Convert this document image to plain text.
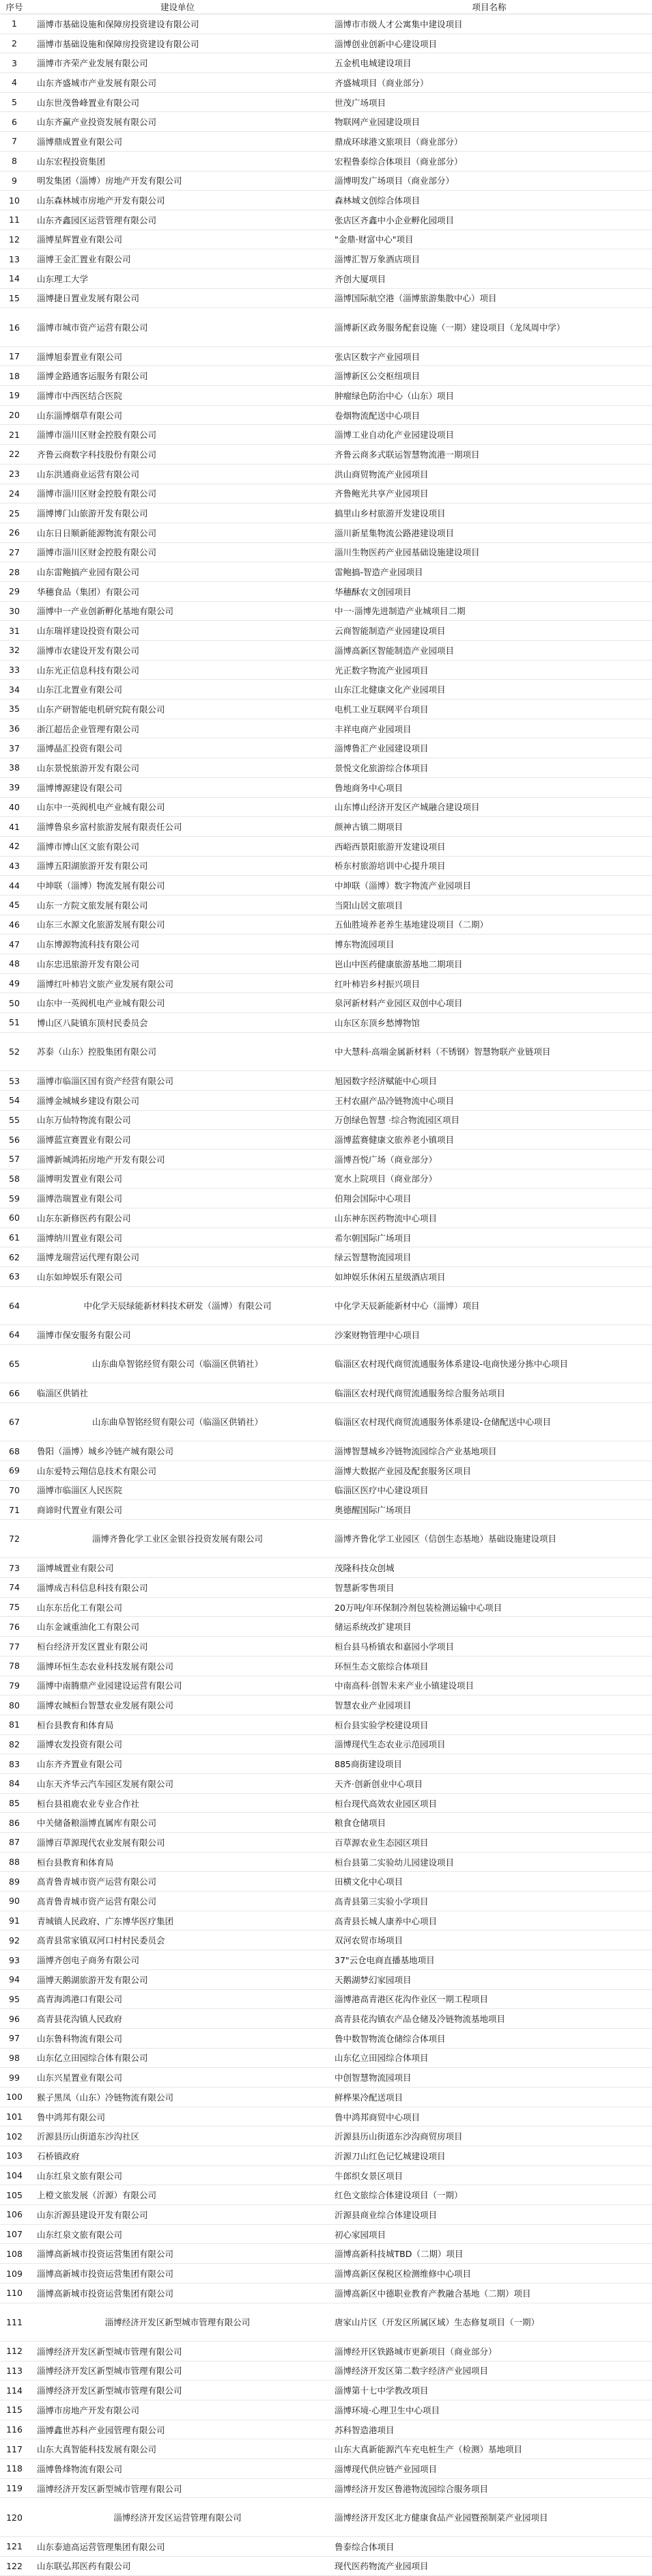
序号	建设单位	项目名称
1	淄博市基础设施和保障房投资建设有限公司	淄博市市级人才公寓集中建设项目
2	淄博市基础设施和保障房投资建设有限公司	淄博创业创新中心建设项目
3	淄博市齐荣产业发展有限公司	五金机电城建设项目
4	山东齐盛城市产业发展有限公司	齐盛城项目（商业部分）
5	山东世茂鲁峰置业有限公司	世茂广场项目
6	山东齐赢产业投资发展有限公司	物联网产业园建设项目
7	淄博鼎成置业有限公司	鼎成环球港文旅项目（商业部分）
8	山东宏程投资集团	宏程鲁泰综合体项目（商业部分）
9	明发集团（淄博）房地产开发有限公司	淄博明发广场项目（商业部分）
10	山东森林城市房地产开发有限公司	森林城文创综合体项目
11	山东齐鑫园区运营管理有限公司	张店区齐鑫中小企业孵化园项目
12	淄博星辉置业有限公司	"金鼎·财富中心"项目
13	淄博王金汇置业有限公司	淄博汇智万象酒店项目
14	山东理工大学	齐创大厦项目
15	淄博捷日置业发展有限公司	淄博国际航空港（淄博旅游集散中心）项目
16	淄博市城市资产运营有限公司	淄博新区政务服务配套设施（一期）建设项目（龙凤周中学）
17	淄博旭泰置业有限公司	张店区数字产业园项目
18	淄博金路通客运服务有限公司	淄博新区公交枢纽项目
19	淄博市中西医结合医院	肿瘤绿色防治中心（山东）项目
20	山东淄博烟草有限公司	卷烟物流配送中心项目
21	淄博市淄川区财金控股有限公司	淄博工业自动化产业园建设项目
22	齐鲁云商数字科技股份有限公司	齐鲁云商多式联运智慧物流港一期项目
23	山东洪通商业运营有限公司	洪山商贸物流产业园项目
24	淄博市淄川区财金控股有限公司	齐鲁鲍光共享产业园项目
25	淄博博门山旅游开发有限公司	搞里山乡村旅游开发建设项目
26	山东日日顺新能源物流有限公司	淄川新星集物流公路港建设项目
27	淄博市淄川区财金控股有限公司	淄川生物医药产业园基础设施建设项目
28	山东雷鲍搞产业园有限公司	雷鲍搞-智造产业园项目
29	华穗食品（集团）有限公司	华穗酥农文创园项目
30	淄博中一产业创新孵化基地有限公司	中一·淄博先进制造产业城项目二期
31	山东瑞祥建设投资有限公司	云商智能制造产业园建设项目
32	淄博市农建设开发有限公司	淄博高新区智能制造产业园项目
33	山东光正信息科技有限公司	光正数字物流产业园项目
34	山东江北置业有限公司	山东江北健康文化产业园项目
35	山东产研智能电机研究院有限公司	电机工业互联网平台项目
36	浙江超岳企业管理有限公司	丰祥电商产业园项目
37	淄博晶汇投资有限公司	淄博鲁汇产业园建设项目
38	山东景悦旅游开发有限公司	景悦文化旅游综合体项目
39	淄博博源建设有限公司	鲁地商务中心项目
40	山东中一英阀机电产业城有限公司	山东博山经济开发区产城融合建设项目
41	淄博鲁泉乡富村旅游发展有限责任公司	颜神古镇二期项目
42	淄博市博山区文旅有限公司	西峪西景阳旅游开发建设项目
43	淄博五阳湖旅游开发有限公司	桥东村旅游培训中心提升项目
44	中坤联（淄博）物流发展有限公司	中坤联（淄博）数字物流产业园项目
45	山东一方院文旅发展有限公司	当阳山居文旅项目
46	山东三水源文化旅游发展有限公司	五仙胜境养老养生基地建设项目（二期）
47	山东博源物流科技有限公司	博东物流园项目
48	山东忠迅旅游开发有限公司	岜山中医药健康旅游基地二期项目
49	淄博红叶柿岩文旅产业发展有限公司	红叶柿岩乡村振兴项目
50	山东中一英阀机电产业城有限公司	泉河新材料产业园区双创中心项目
51	博山区八陡镇东顶村民委员会	山东区东顶乡愁博物馆
52	苏泰（山东）控股集团有限公司	中大慧科·高端金属新材料（不锈钢）智慧物联产业链项目
53	淄博市临淄区国有资产经营有限公司	旭园数字经济赋能中心项目
54	淄博金城城乡建设有限公司	王村农副产品冷链物流中心项目
55	山东万仙特物流有限公司	万创绿色智慧 ·综合物流园区项目
56	淄博蓝宣赛置业有限公司	淄博蓝赛健康文旅养老小镇项目
57	淄博新城鸿拓房地产开发有限公司	淄博吾悦广场（商业部分）
58	淄博明发置业有限公司	宽水上院项目（商业部分）
59	淄博浩瑞置业有限公司	伯翔会国际中心项目
60	山东东新修医药有限公司	山东神东医药物流中心项目
61	淄博纳川置业有限公司	希尔朝国际广场项目
62	淄博龙瑞营运代理有限公司	绿云智慧物流园项目
63	山东如坤娱乐有限公司	如坤娱乐休闲五星级酒店项目
64	中化学天辰绿能新材料技术研发（淄博）有限公司	中化学天辰新能新材中心（淄博）项目
64	淄博市保安服务有限公司	沙案财物管理中心项目
65	山东曲阜智铭经贸有限公司（临淄区供销社）	临淄区农村现代商贸流通服务体系建设-电商快递分拣中心项目
66	临淄区供销社	临淄区农村现代商贸流通服务综合服务站项目
67	山东曲阜智铭经贸有限公司（临淄区供销社）	临淄区农村现代商贸流通服务体系建设-仓储配送中心项目
68	鲁阳（淄博）城乡冷链产城有限公司	淄博智慧城乡冷链物流园综合产业基地项目
69	山东爱特云翔信息技术有限公司	淄博大数据产业园及配套服务区项目
70	淄博市临淄区人民医院	临淄区医疗中心建设项目
71	商谛时代置业有限公司	奥德醒国际广场项目
72	淄博齐鲁化学工业区金银谷投资发展有限公司	淄博齐鲁化学工业园区（信创生态基地）基础设施建设项目
73	淄博城置业有限公司	茂隆科技众创城
74	淄博成吉科信息科技有限公司	智慧新零售项目
75	山东东岳化工有限公司	20万吨/年环保制冷剂包装检测运输中心项目
76	山东金诚重油化工有限公司	储运系统改扩建项目
77	桓台经济开发区置业有限公司	桓台县马桥镇农和嘉园小学项目
78	淄博环恒生态农业科技发展有限公司	环恒生态文旅综合体项目
79	淄博中南腾鼎产业园建设运营有限公司	中南高科·创智未来产业小镇建设项目
80	淄博农城桓台智慧农业发展有限公司	智慧农业产业园项目
81	桓台县教育和体育局	桓台县实验学校建设项目
82	淄博农发投资有限公司	淄博现代生态农业示范园项目
83	山东齐齐置业有限公司	885商街建设项目
84	山东天齐华云汽车园区发展有限公司	天齐·创新创业中心项目
85	桓台县祖鹿农业专业合作社	桓台现代高效农业园区项目
86	中关储备粮淄博直属库有限公司	粮食仓储项目
87	淄博百草源现代农业发展有限公司	百草源农业生态园区项目
88	桓台县教育和体育局	桓台县第二实验幼儿园建设项目
89	高青鲁青城市资产运营有限公司	田横文化中心项目
90	高青鲁青城市资产运营有限公司	高青县第三实验小学项目
91	青城镇人民政府、广东博华医疗集团	高青县长城人康养中心项目
92	高青县常家镇双河口村村民委员会	双河农贸市场项目
93	淄博齐创电子商务有限公司	37"云仓电商直播基地项目
94	淄博天鹅湖旅游开发有限公司	天鹅湖梦幻家园项目
95	高青海鸿港口有限公司	淄博港高青港区花沟作业区一期工程项目
96	高青县花沟镇人民政府	高青县花沟镇农产品仓储及冷链物流基地项目
97	山东鲁科物流有限公司	鲁中数智物流仓储综合体项目
98	山东亿立田园综合体有限公司	山东亿立田园综合体项目
99	山东兴星置业有限公司	中创智慧物流园项目
100	猴子黑凤（山东）冷链物流有限公司	鲜桦果冷配送项目
101	鲁中鸿邦有限公司	鲁中鸿邦商贸中心项目
102	沂源县历山街道东沙沟社区	沂源县历山街道东沙沟商贸房项目
103	石桥镇政府	沂源刀山红色记忆城建设项目
104	山东红泉文旅有限公司	牛郎织女景区项目
105	上橙文旅发展（沂源）有限公司	红色文旅综合体建设项目（一期）
106	山东沂源县建设开发有限公司	沂源县商业综合体建设项目
107	山东红泉文旅有限公司	初心家园项目
108	淄博高新城市投资运营集团有限公司	淄博高新科技城TBD（二期）项目
109	淄博高新城市投资运营集团有限公司	淄博高新区保税区检测维修中心项目
110	淄博高新城市投资运营集团有限公司	淄博高新区中德职业教育产教融合基地（二期）项目
111	淄博经济开发区新型城市管理有限公司	唐家山片区（开发区所属区域）生态修复项目（一期）
112	淄博经济开发区新型城市管理有限公司	淄博经开区铁路城市更新项目（商业部分）
113	淄博经济开发区新型城市管理有限公司	淄博经济开发区第二数字经济产业园项目
114	淄博经济开发区新型城市管理有限公司	淄博第十七中学教改项目
115	淄博市房地产开发有限公司	淄博环境·心理卫生中心项目
116	淄博鑫世苏科产业园管理有限公司	苏科智造港项目
117	山东大真智能科技发展有限公司	山东大真新能源汽车充电桩生产（检测）基地项目
118	淄博鲁烽物流有限公司	淄博现代供应链产业园项目
119	淄博经济开发区新型城市管理有限公司	淄博经济开发区鲁港物流园综合服务项目
120	淄博经济开发区运营管理有限公司	淄博经济开发区北方健康食品产业园暨预制菜产业园项目
121	山东泰迪高运营管理集团有限公司	鲁泰综合体项目
122	山东联弘邦医药有限公司	现代医药物流产业园项目
